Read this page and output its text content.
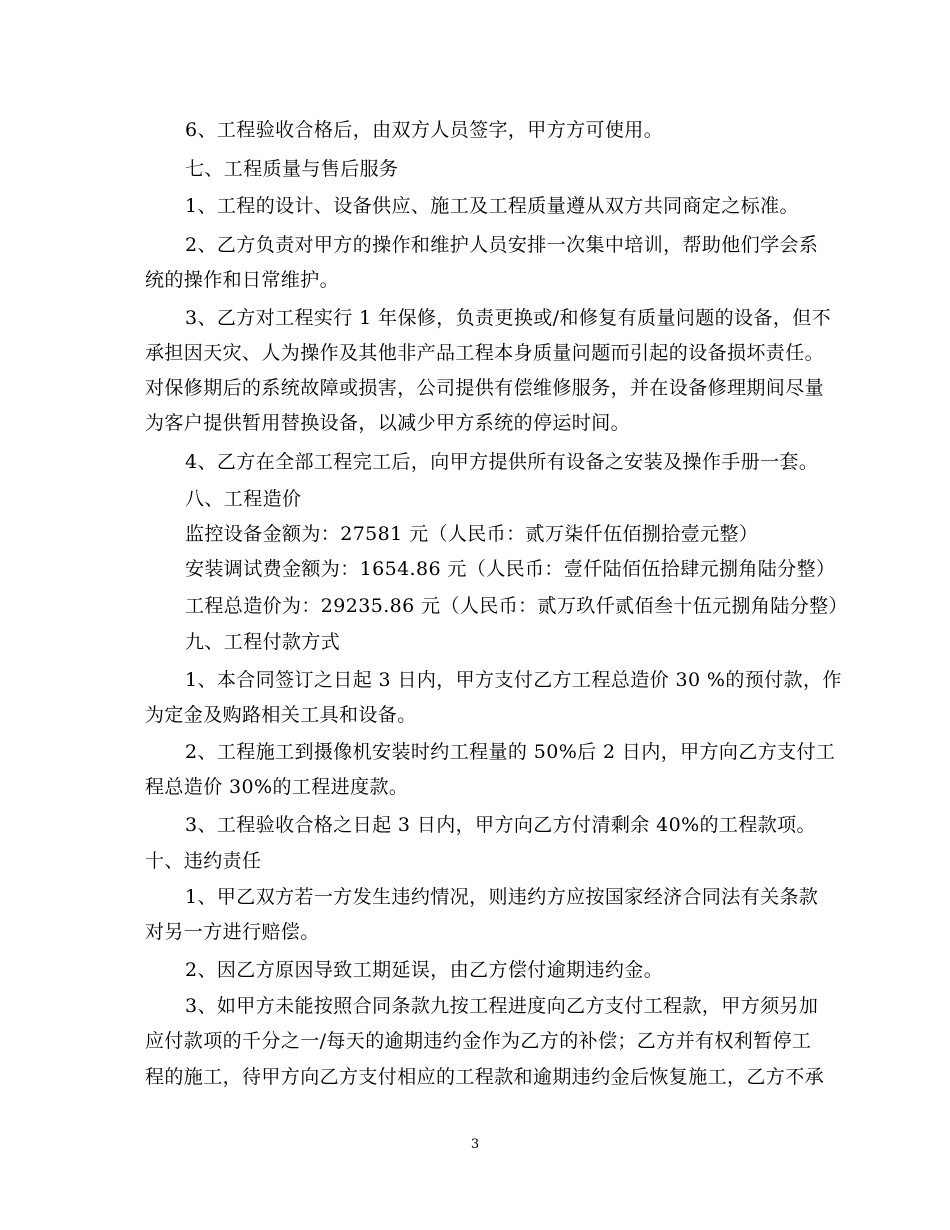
6、工程验收合格后，由双方人员签字，甲方方可使用。
七、工程质量与售后服务
1、工程的设计、设备供应、施工及工程质量遵从双方共同商定之标准。
2、乙方负责对甲方的操作和维护人员安排一次集中培训，帮助他们学会系
统的操作和日常维护。
3、乙方对工程实行 1 年保修，负责更换或/和修复有质量问题的设备，但不
承担因天灾、人为操作及其他非产品工程本身质量问题而引起的设备损坏责任。
对保修期后的系统故障或损害，公司提供有偿维修服务，并在设备修理期间尽量
为客户提供暂用替换设备，以减少甲方系统的停运时间。
4、乙方在全部工程完工后，向甲方提供所有设备之安装及操作手册一套。
八、工程造价
监控设备金额为：27581 元（人民币：贰万柒仟伍佰捌拾壹元整）
安装调试费金额为：1654.86 元（人民币：壹仟陆佰伍拾肆元捌角陆分整）
工程总造价为：29235.86 元（人民币：贰万玖仟贰佰叁十伍元捌角陆分整）
九、工程付款方式
1、本合同签订之日起 3 日内，甲方支付乙方工程总造价 30 %的预付款，作
为定金及购路相关工具和设备。
2、工程施工到摄像机安装时约工程量的 50%后 2 日内，甲方向乙方支付工
程总造价 30%的工程进度款。
3、工程验收合格之日起 3 日内，甲方向乙方付清剩余 40%的工程款项。
十、违约责任
1、甲乙双方若一方发生违约情况，则违约方应按国家经济合同法有关条款
对另一方进行赔偿。
2、因乙方原因导致工期延误，由乙方偿付逾期违约金。
3、如甲方未能按照合同条款九按工程进度向乙方支付工程款，甲方须另加
应付款项的千分之一/每天的逾期违约金作为乙方的补偿；乙方并有权利暂停工
程的施工，待甲方向乙方支付相应的工程款和逾期违约金后恢复施工，乙方不承
3
